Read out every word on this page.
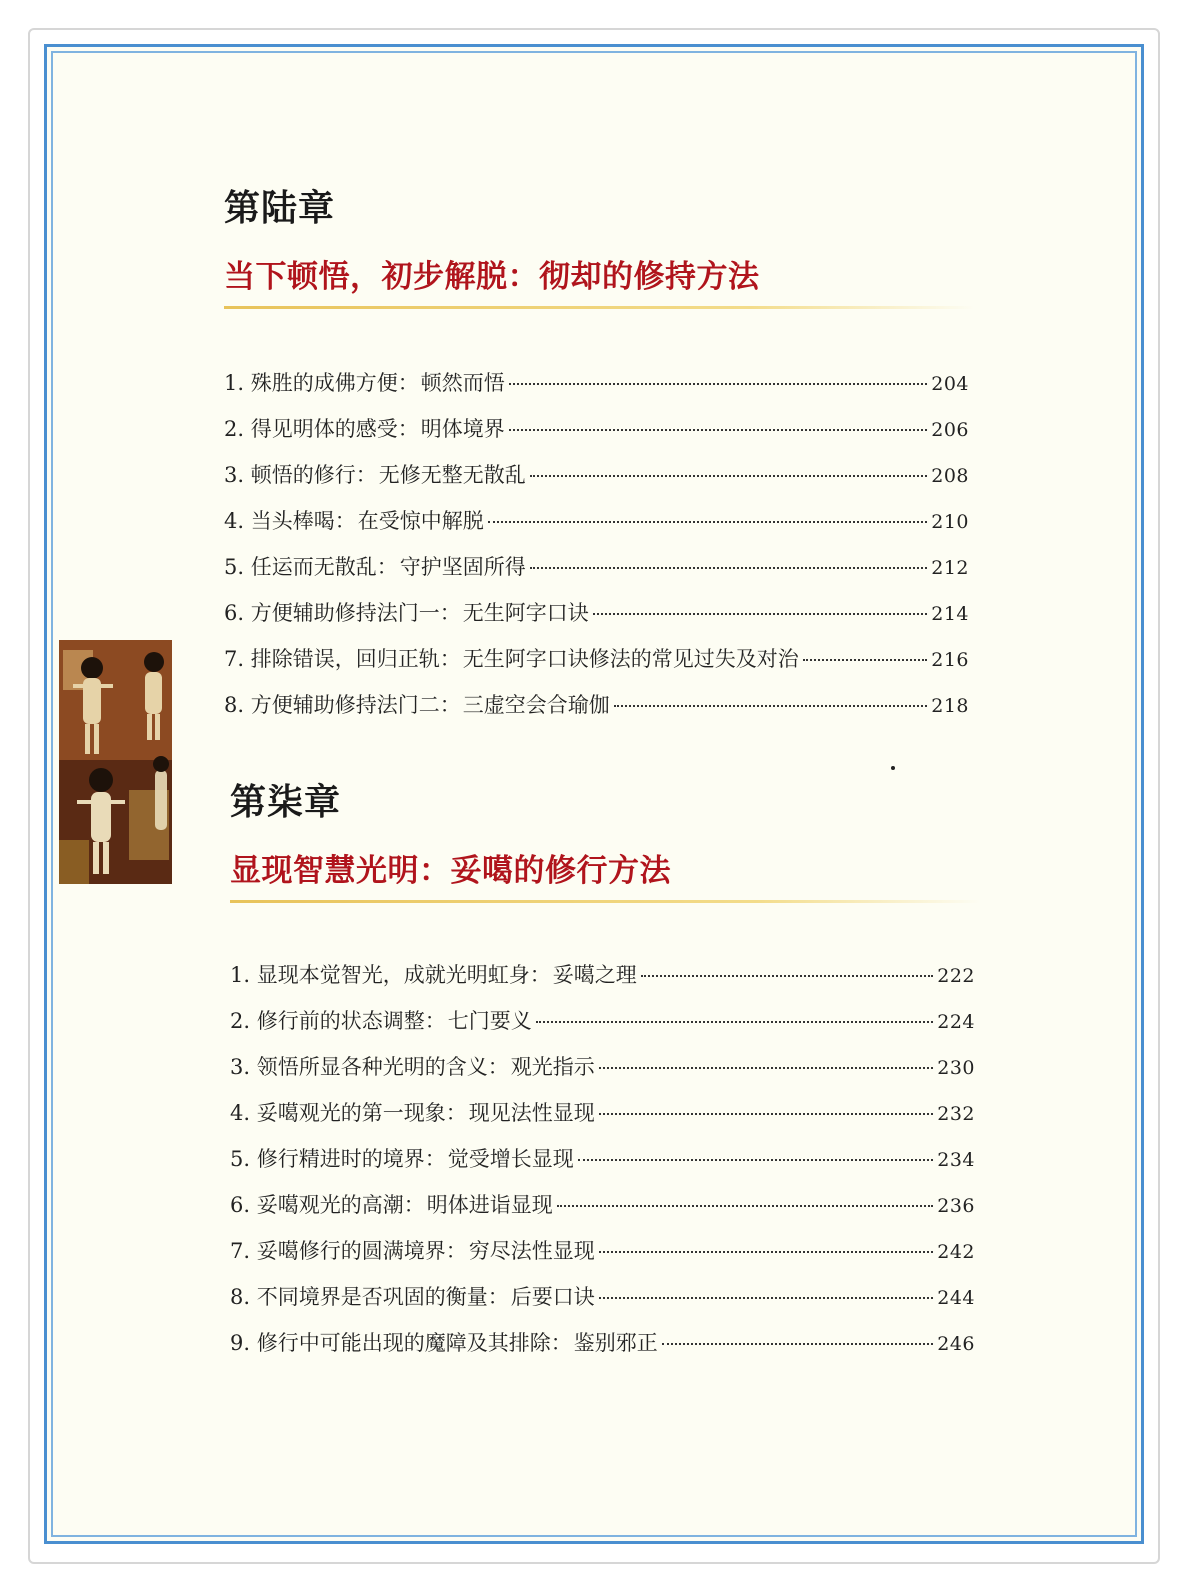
第陆章
当下顿悟，初步解脱：彻却的修持方法
1. 殊胜的成佛方便： 顿然而悟	204
2. 得见明体的感受： 明体境界	206
3. 顿悟的修行： 无修无整无散乱	208
4. 当头棒喝： 在受惊中解脱	210
5. 任运而无散乱： 守护坚固所得	212
6. 方便辅助修持法门一： 无生阿字口诀	214
7. 排除错误，回归正轨： 无生阿字口诀修法的常见过失及对治	216
8. 方便辅助修持法门二： 三虚空会合瑜伽	218
第柒章
显现智慧光明：妥噶的修行方法
1. 显现本觉智光，成就光明虹身： 妥噶之理	222
2. 修行前的状态调整： 七门要义	224
3. 领悟所显各种光明的含义： 观光指示	230
4. 妥噶观光的第一现象： 现见法性显现	232
5. 修行精进时的境界： 觉受增长显现	234
6. 妥噶观光的高潮： 明体进诣显现	236
7. 妥噶修行的圆满境界： 穷尽法性显现	242
8. 不同境界是否巩固的衡量： 后要口诀	244
9. 修行中可能出现的魔障及其排除： 鉴别邪正	246
